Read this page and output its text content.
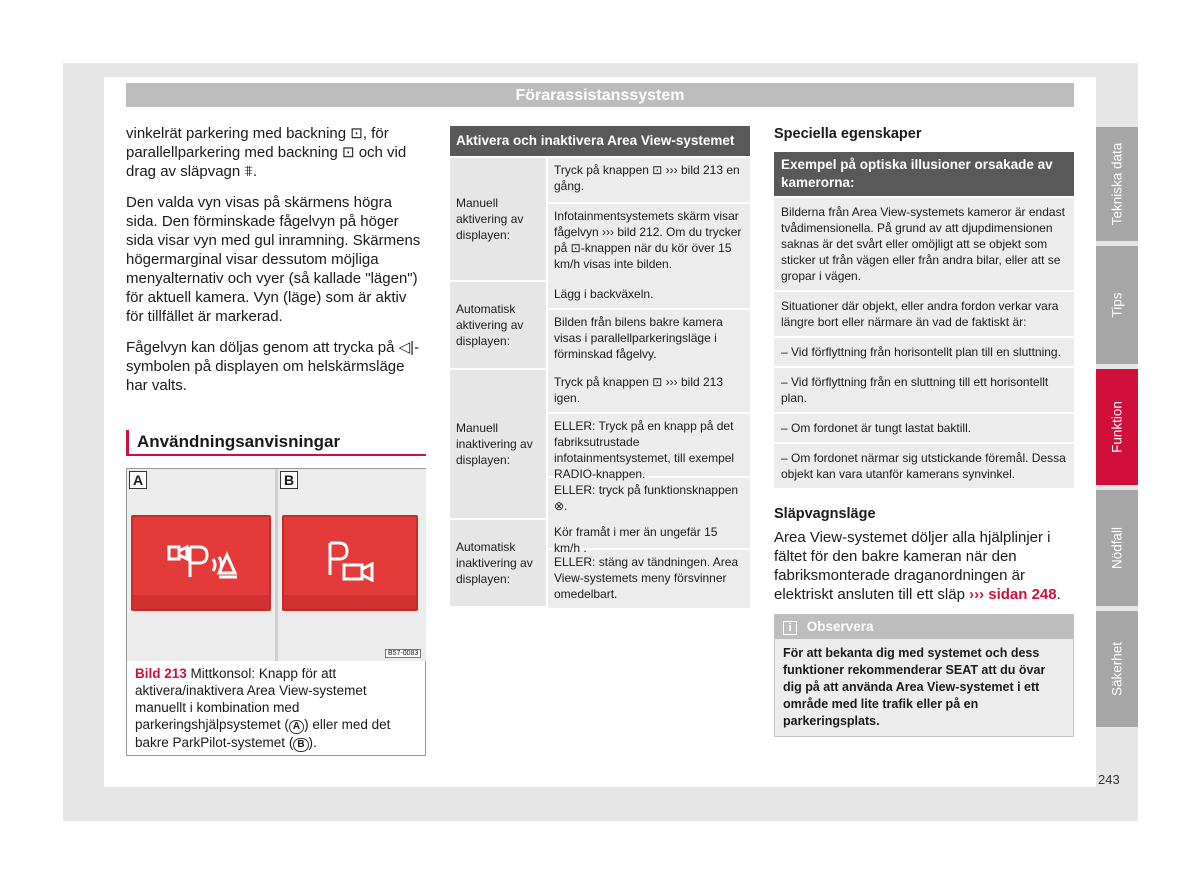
Förarassistanssystem

vinkelrät parkering med backning ⊡, för parallellparkering med backning ⊡ och vid drag av släpvagn ⩨.

Den valda vyn visas på skärmens högra sida. Den förminskade fågelvyn på höger sida visar vyn med gul inramning. Skärmens högermarginal visar dessutom möjliga menyalternativ och vyer (så kallade "lägen") för aktuell kamera. Vyn (läge) som är aktiv för tillfället är markerad.

Fågelvyn kan döljas genom att trycka på ◁|-symbolen på displayen om helskärmsläge har valts.

Användningsanvisningar
A	B
B57-0083
Bild 213 Mittkonsol: Knapp för att aktivera/inaktivera Area View-systemet manuellt i kombination med parkeringshjälpsystemet ( A ) eller med det bakre ParkPilot-systemet ( B ).
Aktivera och inaktivera Area View-systemet
Manuell aktivering av displayen:
Tryck på knappen ⊡ ››› bild 213 en gång.
Infotainmentsystemets skärm visar fågelvyn ››› bild 212. Om du trycker på ⊡-knappen när du kör över 15 km/h visas inte bilden.
Automatisk aktivering av displayen:
Lägg i backväxeln.
Bilden från bilens bakre kamera visas i parallellparkeringsläge i förminskad fågelvy.
Manuell inaktivering av displayen:
Tryck på knappen ⊡ ››› bild 213 igen.
ELLER: Tryck på en knapp på det fabriksutrustade infotainmentsystemet, till exempel RADIO-knappen.
ELLER: tryck på funktionsknappen ⊗.
Automatisk inaktivering av displayen:
Kör framåt i mer än ungefär 15 km/h .
ELLER: stäng av tändningen. Area View-systemets meny försvinner omedelbart.
Speciella egenskaper
Exempel på optiska illusioner orsakade av kamerorna:
Bilderna från Area View-systemets kameror är endast tvådimensionella. På grund av att djupdimensionen saknas är det svårt eller omöjligt att se objekt som sticker ut från vägen eller från andra bilar, eller att se gropar i vägen.
Situationer där objekt, eller andra fordon verkar vara längre bort eller närmare än vad de faktiskt är:
– Vid förflyttning från horisontellt plan till en sluttning.
– Vid förflyttning från en sluttning till ett horisontellt plan.
– Om fordonet är tungt lastat baktill.
– Om fordonet närmar sig utstickande föremål. Dessa objekt kan vara utanför kamerans synvinkel.
Släpvagnsläge
Area View-systemet döljer alla hjälplinjer i fältet för den bakre kameran när den fabriksmonterade draganordningen är elektriskt ansluten till ett släp ››› sidan 248.
i Observera
För att bekanta dig med systemet och dess funktioner rekommenderar SEAT att du övar dig på att använda Area View-systemet i ett område med lite trafik eller på en parkeringsplats.
Tekniska data
Tips
Funktion
Nödfall
Säkerhet
243
